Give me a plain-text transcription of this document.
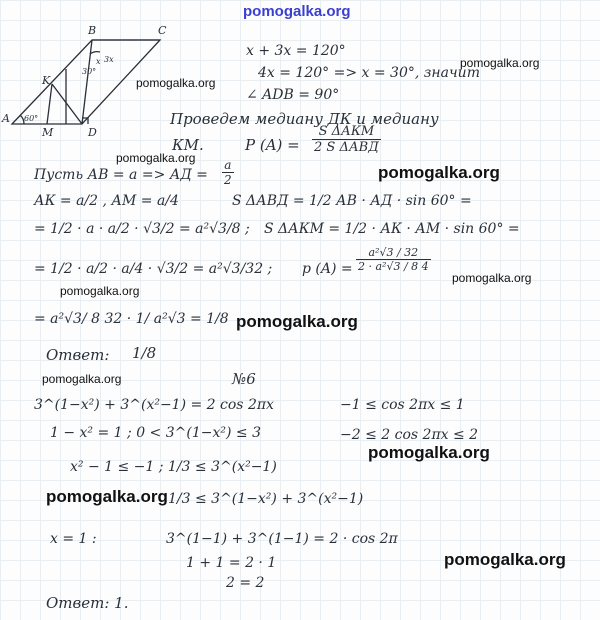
pomogalka.org
A
B	C
D
K
M
x 3x
30°
60°
x + 3x = 120°
4x = 120° => x = 30°, значит
∠ ADB = 90°
Проведем медиану ДК и медиану
КМ.	P (A) =
S ΔАКМ
2 S ΔАВД
Пусть АВ = а => АД = $\frac{a}{2}$
АК = a/2 , АМ = a/4	S ΔАВД = 1/2 АВ · АД · sin 60° =
= 1/2 · a · a/2 · √3/2 = a²√3/8 ; S ΔАКМ = 1/2 · АК · АМ · sin 60° =
= 1/2 · a/2 · a/4 · √3/2 = a²√3/32 ; p $(A) = \frac{\text{a²√3 / 32}}{\text{2 · a²√3 / 8 4}}$
= a²√3/ 8 32 · 1/ a²√3 = 1/8
Ответ: 1/8
№6
3^(1−x²) + 3^(x²−1) = 2 cos 2πx	−1 ≤ cos 2πx ≤ 1
1 − x² = 1 ; 0 < 3^(1−x²) ≤ 3	−2 ≤ 2 cos 2πx ≤ 2
x² − 1 ≤ −1 ; 1/3 ≤ 3^(x²−1)
1/3 ≤ 3^(1−x²) + 3^(x²−1)
x = 1 :	3^(1−1) + 3^(1−1) = 2 · cos 2π
1 + 1 = 2 · 1
2 = 2
Ответ: 1.
pomogalka.org
pomogalka.org
pomogalka.org
pomogalka.org
pomogalka.org
pomogalka.org
pomogalka.org
pomogalka.org
pomogalka.org
pomogalka.org
pomogalka.org
